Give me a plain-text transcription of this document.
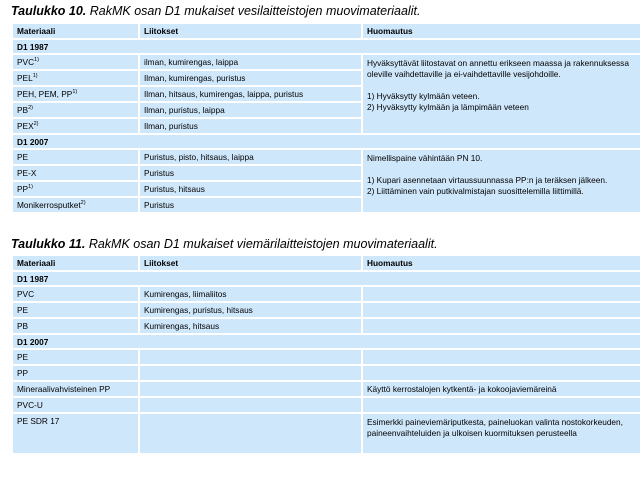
Taulukko 10. RakMK osan D1 mukaiset vesilaitteistojen muovimateriaalit.
Materiaali	Liitokset	Huomautus
D1 1987		
PVC$^{1)}$	ilman, kumirengas, laippa	Hyväksyttävät liitostavat on annettu erikseen maassa ja rakennuksessa oleville vaihdettaville ja ei-vaihdettaville vesijohdoille.

1) Hyväksytty kylmään veteen.

2) Hyväksytty kylmään ja lämpimään veteen

PEL$^{1)}$	Ilman, kumirengas, puristus	
PEH, PEM, PP$^{1)}$	Ilman, hitsaus, kumirengas, laippa, puristus	
PB$^{2)}$	Ilman, puristus, laippa	
PEX$^{2)}$	Ilman, puristus	
D1 2007		
PE	Puristus, pisto, hitsaus, laippa	Nimellispaine vähintään PN 10.

1) Kupari asennetaan virtaussuunnassa PP:n ja teräksen jälkeen.

2) Liittäminen vain putkivalmistajan suosittelemilla liittimillä.

PE-X	Puristus	
PP$^{1)}$	Puristus, hitsaus	
Monikerrosputket$^{2)}$	Puristus	
Taulukko 11. RakMK osan D1 mukaiset viemärilaitteistojen muovimateriaalit.
Materiaali	Liitokset	Huomautus
D1 1987		
PVC	Kumirengas, liimaliitos	
PE	Kumirengas, puristus, hitsaus	
PB	Kumirengas, hitsaus	
D1 2007		
PE		
PP		
Mineraalivahvisteinen PP		Käyttö kerrostalojen kytkentä- ja kokoojaviemäreinä
PVC-U		
PE SDR 17		Esimerkki paineviemäriputkesta, paineluokan valinta nostokorkeuden, paineenvaihteluiden ja ulkoisen kuormituksen perusteella
